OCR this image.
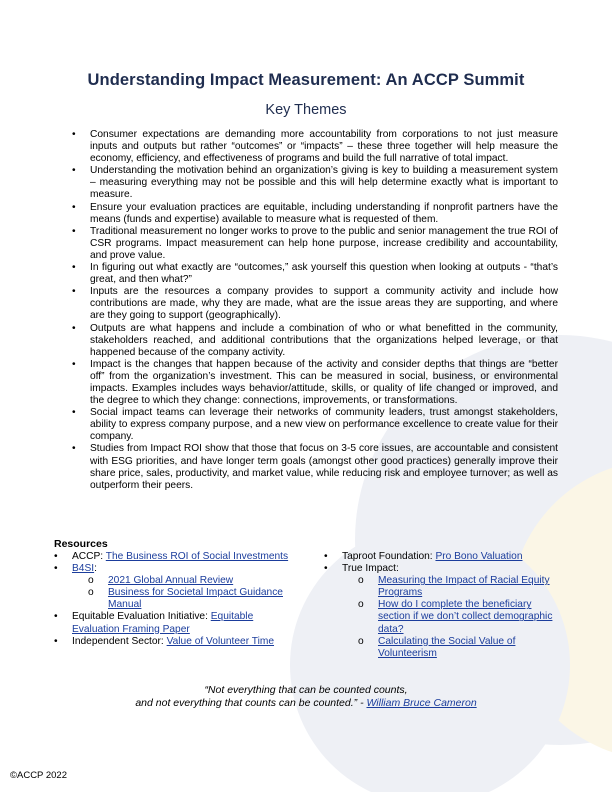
Understanding Impact Measurement: An ACCP Summit
Key Themes
• Consumer expectations are demanding more accountability from corporations to not just measure inputs and outputs but rather “outcomes” or “impacts” – these three together will help measure the economy, efficiency, and effectiveness of programs and build the full narrative of total impact.
• Understanding the motivation behind an organization’s giving is key to building a measurement system – measuring everything may not be possible and this will help determine exactly what is important to measure.
• Ensure your evaluation practices are equitable, including understanding if nonprofit partners have the means (funds and expertise) available to measure what is requested of them.
• Traditional measurement no longer works to prove to the public and senior management the true ROI of CSR programs. Impact measurement can help hone purpose, increase credibility and accountability, and prove value.
• In figuring out what exactly are “outcomes,” ask yourself this question when looking at outputs - “that’s great, and then what?”
• Inputs are the resources a company provides to support a community activity and include how contributions are made, why they are made, what are the issue areas they are supporting, and where are they going to support (geographically).
• Outputs are what happens and include a combination of who or what benefitted in the community, stakeholders reached, and additional contributions that the organizations helped leverage, or that happened because of the company activity.
• Impact is the changes that happen because of the activity and consider depths that things are “better off” from the organization’s investment. This can be measured in social, business, or environmental impacts. Examples includes ways behavior/attitude, skills, or quality of life changed or improved, and the degree to which they change: connections, improvements, or transformations.
• Social impact teams can leverage their networks of community leaders, trust amongst stakeholders, ability to express company purpose, and a new view on performance excellence to create value for their company.
• Studies from Impact ROI show that those that focus on 3-5 core issues, are accountable and consistent with ESG priorities, and have longer term goals (amongst other good practices) generally improve their share price, sales, productivity, and market value, while reducing risk and employee turnover; as well as outperform their peers.
Resources
• ACCP: The Business ROI of Social Investments
• B4SI:
o 2021 Global Annual Review
o Business for Societal Impact Guidance Manual
• Equitable Evaluation Initiative: Equitable Evaluation Framing Paper
• Independent Sector: Value of Volunteer Time
• Taproot Foundation: Pro Bono Valuation
• True Impact:
o Measuring the Impact of Racial Equity Programs
o How do I complete the beneficiary section if we don’t collect demographic data?
o Calculating the Social Value of Volunteerism
“Not everything that can be counted counts,
and not everything that counts can be counted.” - William Bruce Cameron
©ACCP 2022
